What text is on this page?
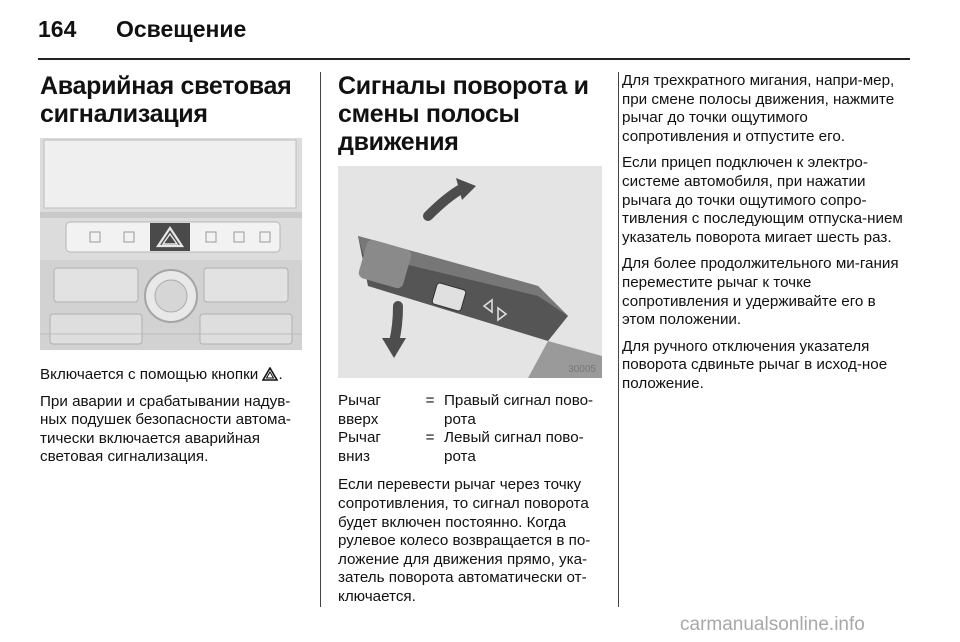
164 Освещение
Аварийная световая сигнализация

Включается с помощью кнопки .

При аварии и срабатывании надув-ных подушек безопасности автома-тически включается аварийная световая сигнализация.

Сигналы поворота и смены полосы движения
30005
Рычаг вверх	=	Правый сигнал пово-рота
Рычаг вниз	=	Левый сигнал пово-рота

Если перевести рычаг через точку сопротивления, то сигнал поворота будет включен постоянно. Когда рулевое колесо возвращается в по-ложение для движения прямо, ука-затель поворота автоматически от-ключается.

Для трехкратного мигания, напри-мер, при смене полосы движения, нажмите рычаг до точки ощутимого сопротивления и отпустите его.

Если прицеп подключен к электро-системе автомобиля, при нажатии рычага до точки ощутимого сопро-тивления с последующим отпуска-нием указатель поворота мигает шесть раз.

Для более продолжительного ми-гания переместите рычаг к точке сопротивления и удерживайте его в этом положении.

Для ручного отключения указателя поворота сдвиньте рычаг в исход-ное положение.

carmanualsonline.info
